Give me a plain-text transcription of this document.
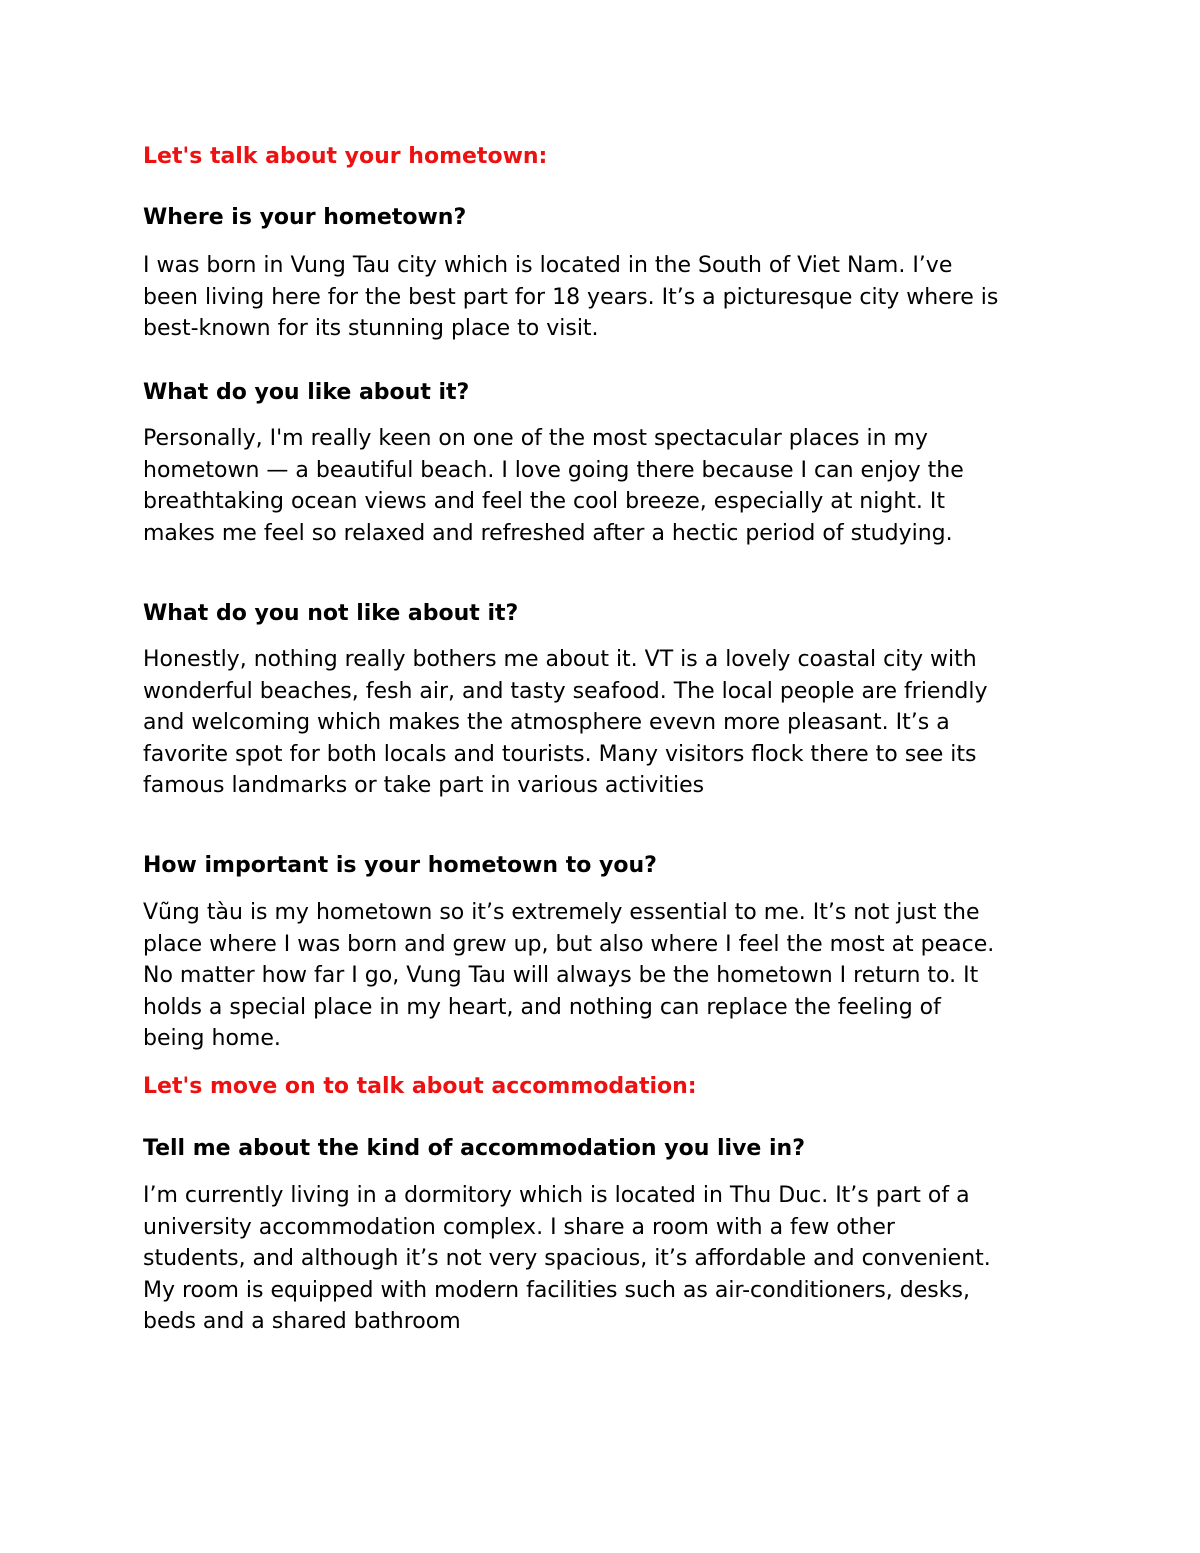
Let's talk about your hometown:
Where is your hometown?

I was born in Vung Tau city which is located in the South of Viet Nam. I’ve
been living here for the best part for 18 years. It’s a picturesque city where is
best-known for its stunning place to visit.

What do you like about it?

Personally, I'm really keen on one of the most spectacular places in my
hometown — a beautiful beach. I love going there because I can enjoy the
breathtaking ocean views and feel the cool breeze, especially at night. It
makes me feel so relaxed and refreshed after a hectic period of studying.

What do you not like about it?

Honestly, nothing really bothers me about it. VT is a lovely coastal city with
wonderful beaches, fesh air, and tasty seafood. The local people are friendly
and welcoming which makes the atmosphere evevn more pleasant. It’s a
favorite spot for both locals and tourists. Many visitors flock there to see its
famous landmarks or take part in various activities

How important is your hometown to you?

Vũng tàu is my hometown so it’s extremely essential to me. It’s not just the
place where I was born and grew up, but also where I feel the most at peace.
No matter how far I go, Vung Tau will always be the hometown I return to. It
holds a special place in my heart, and nothing can replace the feeling of
being home.

Let's move on to talk about accommodation:
Tell me about the kind of accommodation you live in?

I’m currently living in a dormitory which is located in Thu Duc. It’s part of a
university accommodation complex. I share a room with a few other
students, and although it’s not very spacious, it’s affordable and convenient.
My room is equipped with modern facilities such as air-conditioners, desks,
beds and a shared bathroom
